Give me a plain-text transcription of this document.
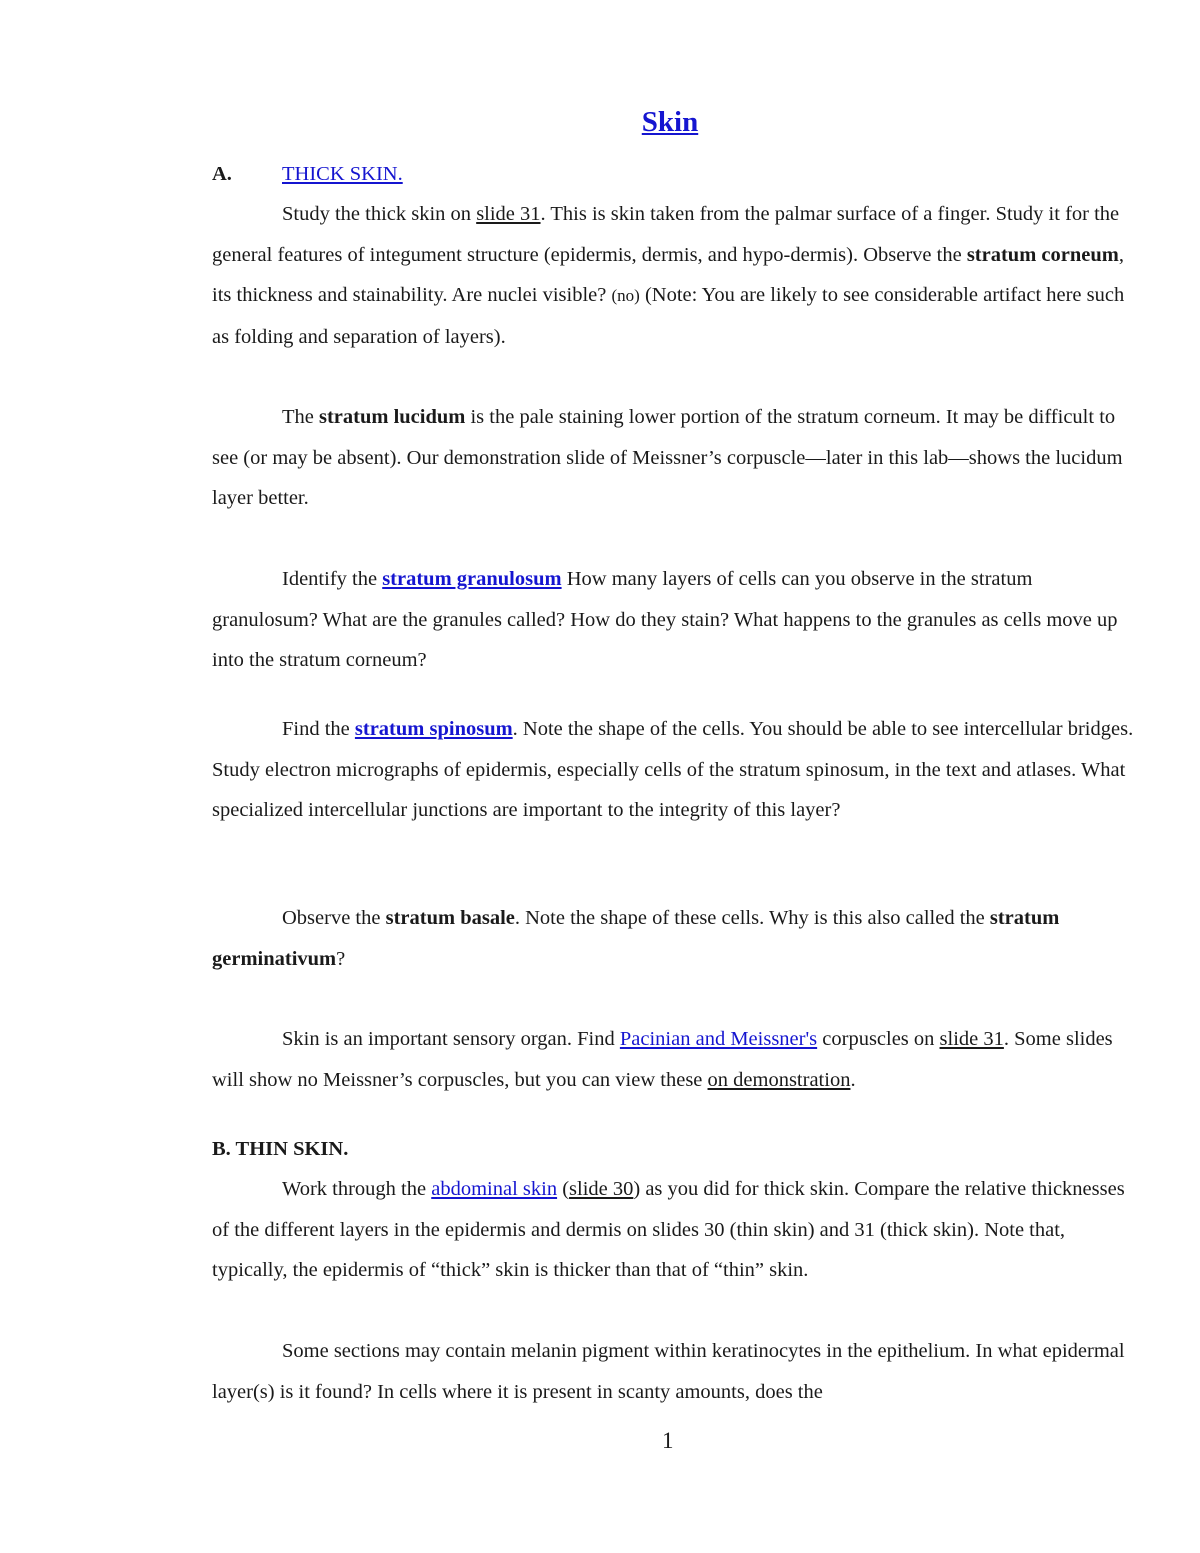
Skin
A. THICK SKIN.

Study the thick skin on slide 31. This is skin taken from the palmar surface of a finger. Study it for the general features of integument structure (epidermis, dermis, and hypo-dermis). Observe the stratum corneum, its thickness and stainability. Are nuclei visible? (no) (Note: You are likely to see considerable artifact here such as folding and separation of layers).

The stratum lucidum is the pale staining lower portion of the stratum corneum. It may be difficult to see (or may be absent). Our demonstration slide of Meissner’s corpuscle—later in this lab—shows the lucidum layer better.

Identify the stratum granulosum How many layers of cells can you observe in the stratum granulosum? What are the granules called? How do they stain? What happens to the granules as cells move up into the stratum corneum?

Find the stratum spinosum. Note the shape of the cells. You should be able to see intercellular bridges. Study electron micrographs of epidermis, especially cells of the stratum spinosum, in the text and atlases. What specialized intercellular junctions are important to the integrity of this layer?

Observe the stratum basale. Note the shape of these cells. Why is this also called the stratum germinativum?

Skin is an important sensory organ. Find Pacinian and Meissner's corpuscles on slide 31. Some slides will show no Meissner’s corpuscles, but you can view these on demonstration.

B. THIN SKIN.

Work through the abdominal skin (slide 30) as you did for thick skin. Compare the relative thicknesses of the different layers in the epidermis and dermis on slides 30 (thin skin) and 31 (thick skin). Note that, typically, the epidermis of “thick” skin is thicker than that of “thin” skin.

Some sections may contain melanin pigment within keratinocytes in the epithelium. In what epidermal layer(s) is it found? In cells where it is present in scanty amounts, does the

1
